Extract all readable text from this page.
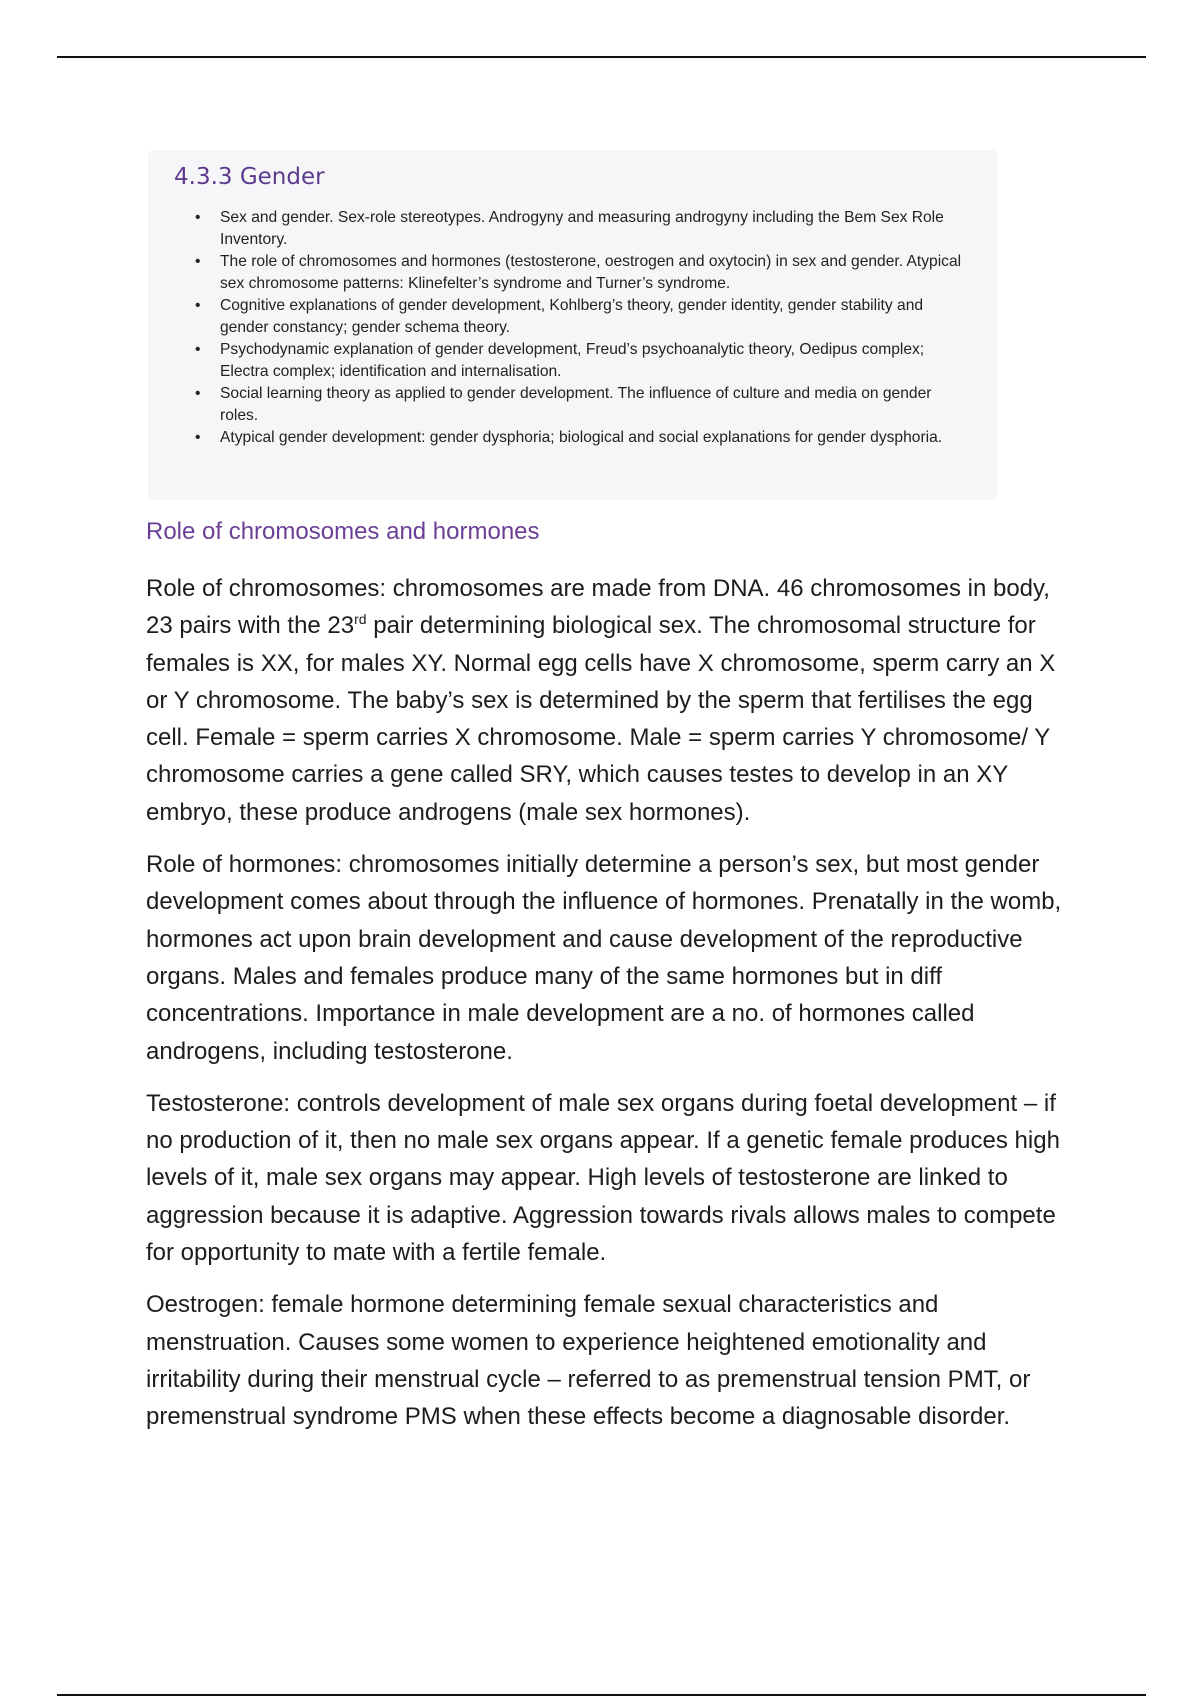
4.3.3 Gender
• Sex and gender. Sex-role stereotypes. Androgyny and measuring androgyny including the Bem Sex Role Inventory.
• The role of chromosomes and hormones (testosterone, oestrogen and oxytocin) in sex and gender. Atypical sex chromosome patterns: Klinefelter’s syndrome and Turner’s syndrome.
• Cognitive explanations of gender development, Kohlberg’s theory, gender identity, gender stability and gender constancy; gender schema theory.
• Psychodynamic explanation of gender development, Freud’s psychoanalytic theory, Oedipus complex; Electra complex; identification and internalisation.
• Social learning theory as applied to gender development. The influence of culture and media on gender roles.
• Atypical gender development: gender dysphoria; biological and social explanations for gender dysphoria.
Role of chromosomes and hormones

Role of chromosomes: chromosomes are made from DNA. 46 chromosomes in body, 23 pairs with the 23rd pair determining biological sex. The chromosomal structure for females is XX, for males XY. Normal egg cells have X chromosome, sperm carry an X or Y chromosome. The baby’s sex is determined by the sperm that fertilises the egg cell. Female = sperm carries X chromosome. Male = sperm carries Y chromosome/ Y chromosome carries a gene called SRY, which causes testes to develop in an XY embryo, these produce androgens (male sex hormones).

Role of hormones: chromosomes initially determine a person’s sex, but most gender development comes about through the influence of hormones. Prenatally in the womb, hormones act upon brain development and cause development of the reproductive organs. Males and females produce many of the same hormones but in diff concentrations. Importance in male development are a no. of hormones called androgens, including testosterone.

Testosterone: controls development of male sex organs during foetal development – if no production of it, then no male sex organs appear. If a genetic female produces high levels of it, male sex organs may appear. High levels of testosterone are linked to aggression because it is adaptive. Aggression towards rivals allows males to compete for opportunity to mate with a fertile female.

Oestrogen: female hormone determining female sexual characteristics and menstruation. Causes some women to experience heightened emotionality and irritability during their menstrual cycle – referred to as premenstrual tension PMT, or premenstrual syndrome PMS when these effects become a diagnosable disorder.
